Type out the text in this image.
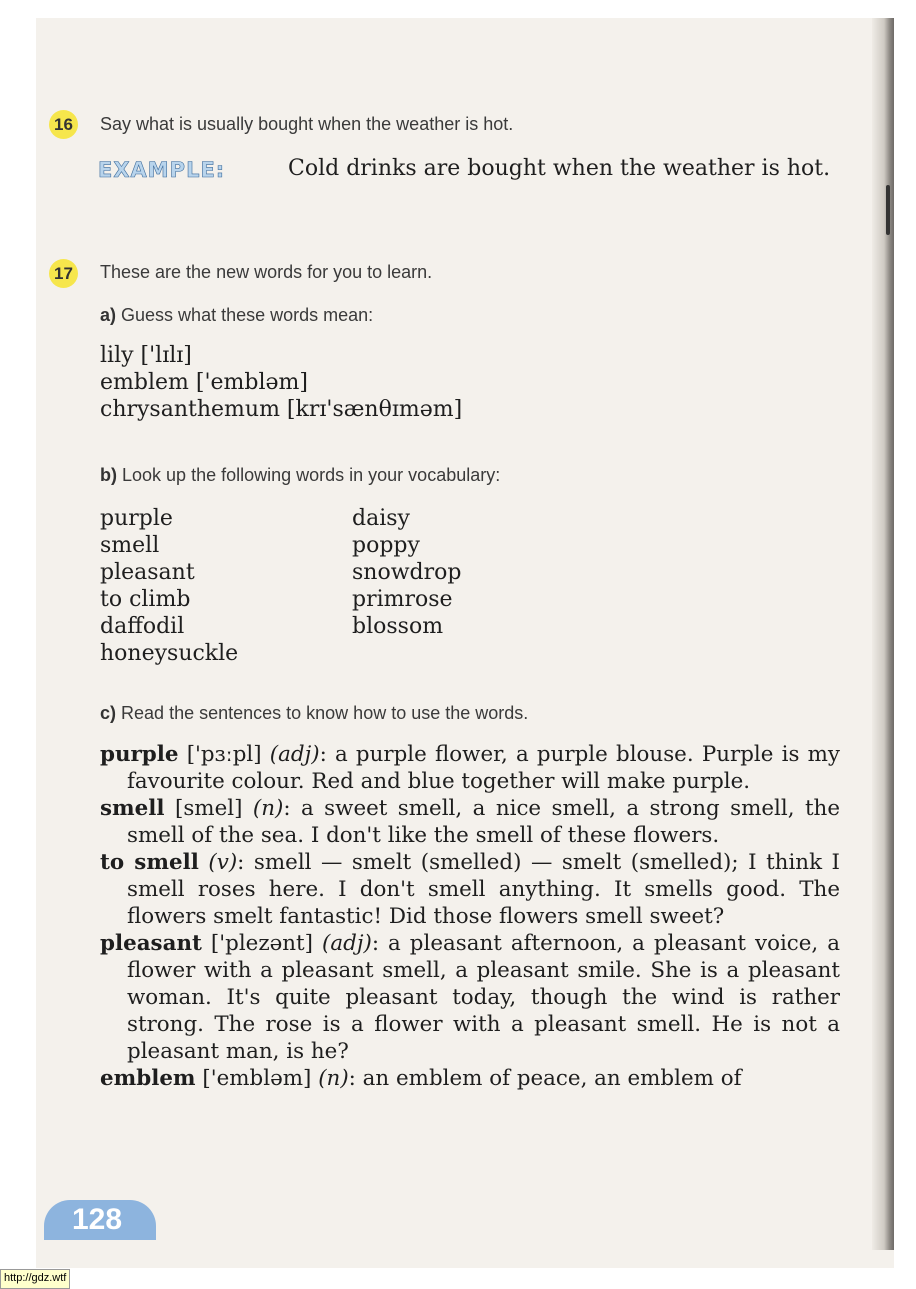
16 Say what is usually bought when the weather is hot.
EXAMPLE:	Cold drinks are bought when the weather is hot.
17 These are the new words for you to learn.
a) Guess what these words mean:
lily ['lɪlɪ]
emblem ['embləm]
chrysanthemum [krɪ'sænθɪməm]
b) Look up the following words in your vocabulary:
purple
smell
pleasant
to climb
daffodil
honeysuckle
daisy
poppy
snowdrop
primrose
blossom
c) Read the sentences to know how to use the words.

purple ['pɜːpl] (adj): a purple flower, a purple blouse. Purple is my favourite colour. Red and blue together will make purple.

smell [smel] (n): a sweet smell, a nice smell, a strong smell, the smell of the sea. I don't like the smell of these flowers.

to smell (v): smell — smelt (smelled) — smelt (smelled); I think I smell roses here. I don't smell anything. It smells good. The flowers smelt fantastic! Did those flowers smell sweet?

pleasant ['plezənt] (adj): a pleasant afternoon, a pleasant voice, a flower with a pleasant smell, a pleasant smile. She is a pleasant woman. It's quite pleasant today, though the wind is rather strong. The rose is a flower with a pleasant smell. He is not a pleasant man, is he?

emblem ['embləm] (n): an emblem of peace, an emblem of

128
http://gdz.wtf
